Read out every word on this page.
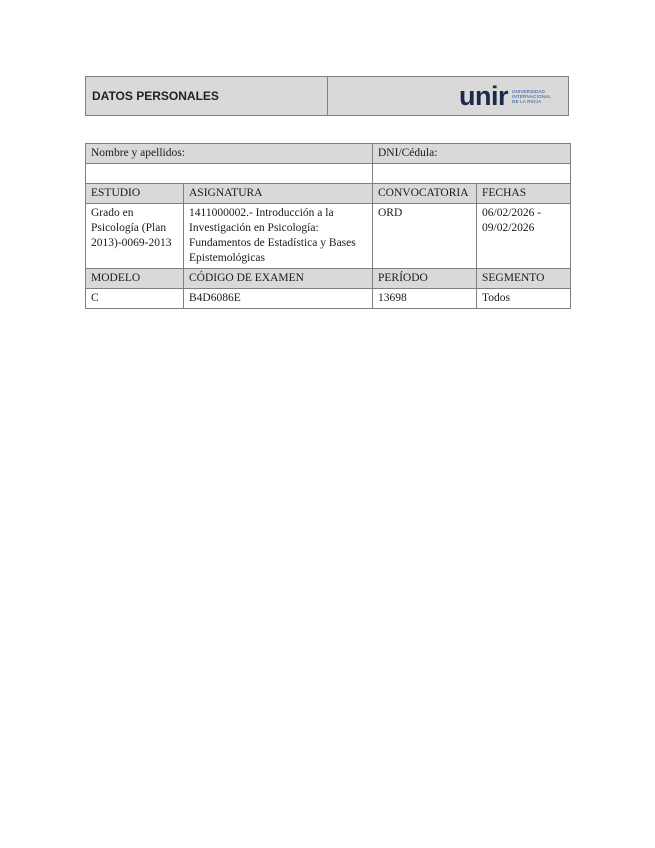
DATOS PERSONALES	unir UNIVERSIDAD
INTERNACIONAL
DE LA RIOJA
Nombre y apellidos:		DNI/Cédula:	

ESTUDIO	ASIGNATURA	CONVOCATORIA	FECHAS
Grado en Psicología (Plan 2013)-0069-2013	1411000002.- Introducción a la Investigación en Psicología: Fundamentos de Estadística y Bases Epistemológicas	ORD	06/02/2026 - 09/02/2026
MODELO	CÓDIGO DE EXAMEN	PERÍODO	SEGMENTO
C	B4D6086E	13698	Todos
